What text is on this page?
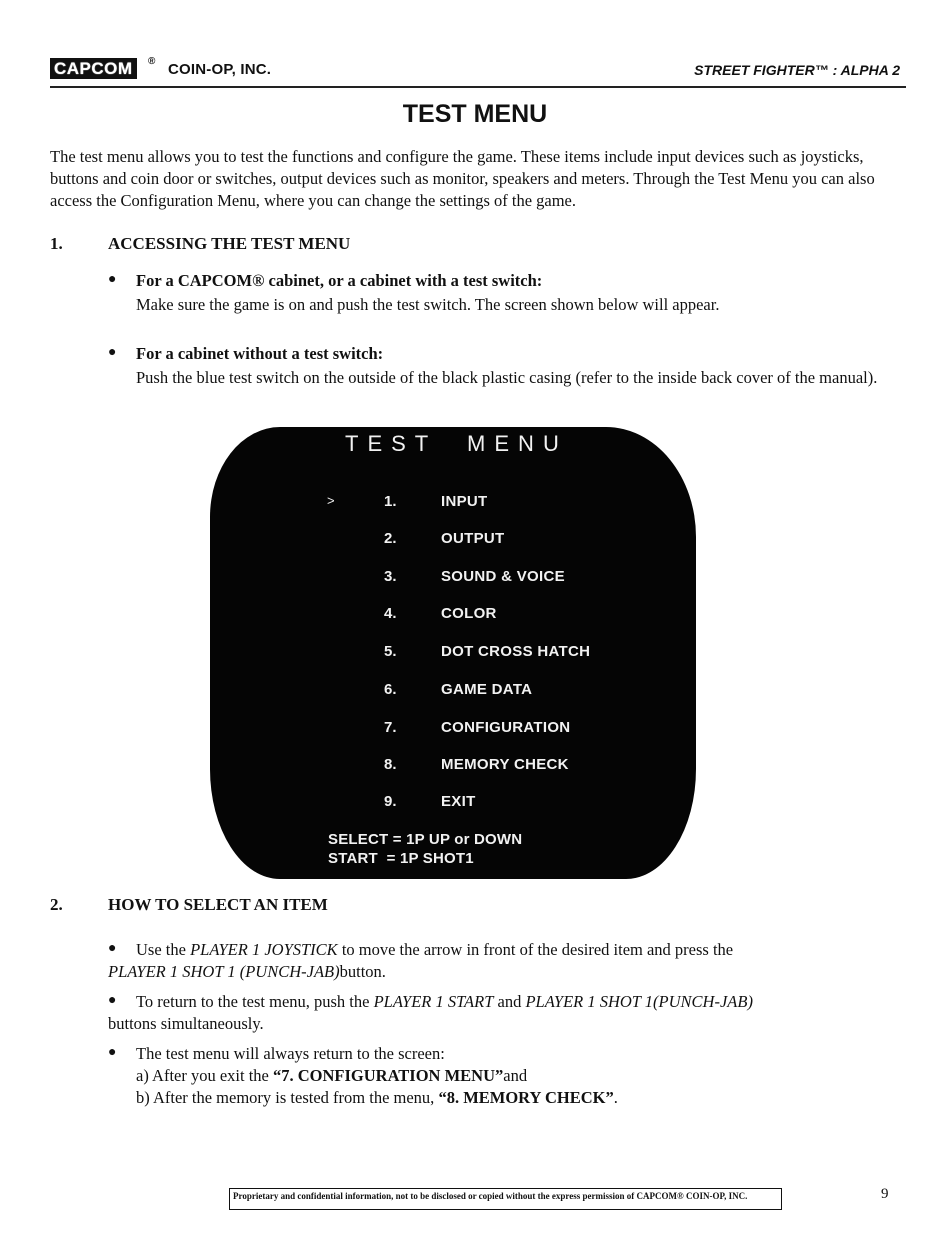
CAPCOM	® COIN-OP, INC.	STREET FIGHTER™ : ALPHA 2
TEST MENU
The test menu allows you to test the functions and configure the game. These items include input devices such as joysticks, buttons and coin door or switches, output devices such as monitor, speakers and meters. Through the Test Menu you can also access the Configuration Menu, where you can change the settings of the game.
1.	ACCESSING THE TEST MENU
● For a CAPCOM® cabinet, or a cabinet with a test switch:
Make sure the game is on and push the test switch. The screen shown below will appear.
● For a cabinet without a test switch:
Push the blue test switch on the outside of the black plastic casing (refer to the inside back cover of the manual).
TEST  MENU
>	1.	INPUT
2.	OUTPUT
3.	SOUND & VOICE
4.	COLOR
5.	DOT CROSS HATCH
6.	GAME DATA
7.	CONFIGURATION
8.	MEMORY CHECK
9.	EXIT
SELECT = 1P UP or DOWN
START  = 1P SHOT1
2.	HOW TO SELECT AN ITEM
●	Use the PLAYER 1 JOYSTICK to move the arrow in front of the desired item and press the
PLAYER 1 SHOT 1 (PUNCH-JAB)button.
●	To return to the test menu, push the PLAYER 1 START and PLAYER 1 SHOT 1(PUNCH-JAB)
buttons simultaneously.
●	The test menu will always return to the screen:
a) After you exit the “7. CONFIGURATION MENU”and
b) After the memory is tested from the menu, “8. MEMORY CHECK”.
Proprietary and confidential information, not to be disclosed or copied without the express permission of CAPCOM® COIN-OP, INC.	9
